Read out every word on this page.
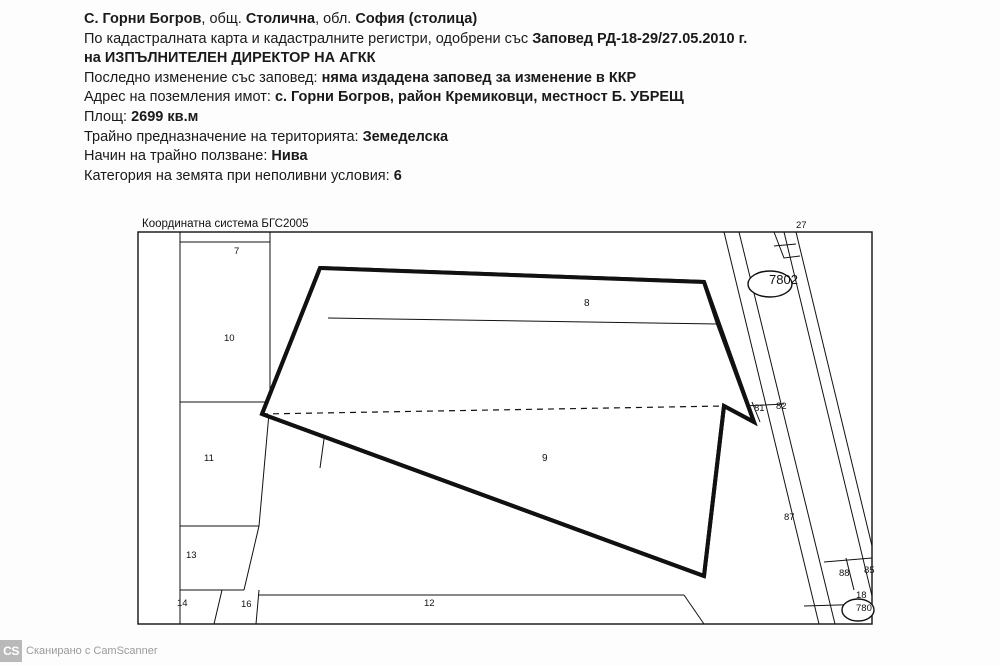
С. Горни Богров, общ. Столична, обл. София (столица)
По кадастралната карта и кадастралните регистри, одобрени със Заповед РД-18-29/27.05.2010 г.
на ИЗПЪЛНИТЕЛЕН ДИРЕКТОР НА АГКК
Последно изменение със заповед: няма издадена заповед за изменение в ККР
Адрес на поземления имот: с. Горни Богров, район Кремиковци, местност Б. УБРЕЩ
Площ: 2699 кв.м
Трайно предназначение на територията: Земеделска
Начин на трайно ползване: Нива
Категория на земята при неполивни условия: 6
Координатна система БГС2005
7
27
7802
8
10
81 82
11	9
87
13
88 85
14	16	12
18
780
CS Сканирано с CamScanner
